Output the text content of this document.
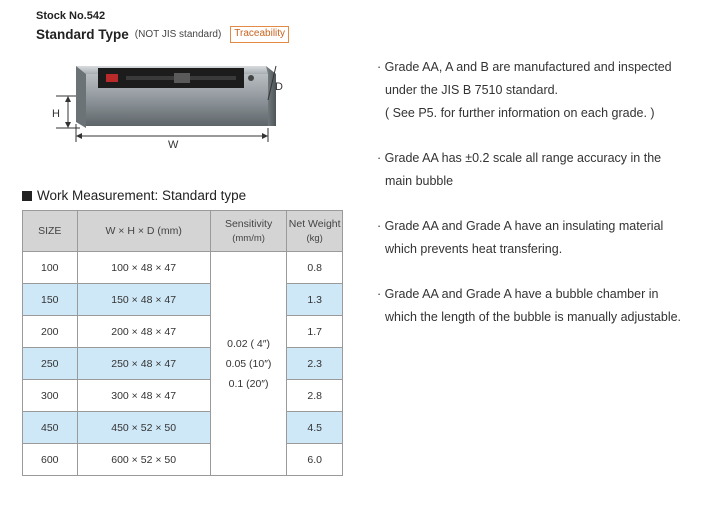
Stock No.542
Standard Type (NOT JIS standard)	Traceability
H
D
W
Work Measurement: Standard type
SIZE	W × H × D (mm)	Sensitivity
(mm/m)	Net Weight
(kg)
100	100 × 48 × 47	0.02 ( 4″)
0.05 (10″)
0.1 (20″)	0.8
150	150 × 48 × 47		1.3
200	200 × 48 × 47		1.7
250	250 × 48 × 47		2.3
300	300 × 48 × 47		2.8
450	450 × 52 × 50		4.5
600	600 × 52 × 50		6.0
· Grade AA, A and B are manufactured and inspected
under the JIS B 7510 standard.
( See P5. for further information on each grade. )
· Grade AA has ±0.2 scale all range accuracy in the
main bubble
· Grade AA and Grade A have an insulating material
which prevents heat transfering.
· Grade AA and Grade A have a bubble chamber in
which the length of the bubble is manually adjustable.
